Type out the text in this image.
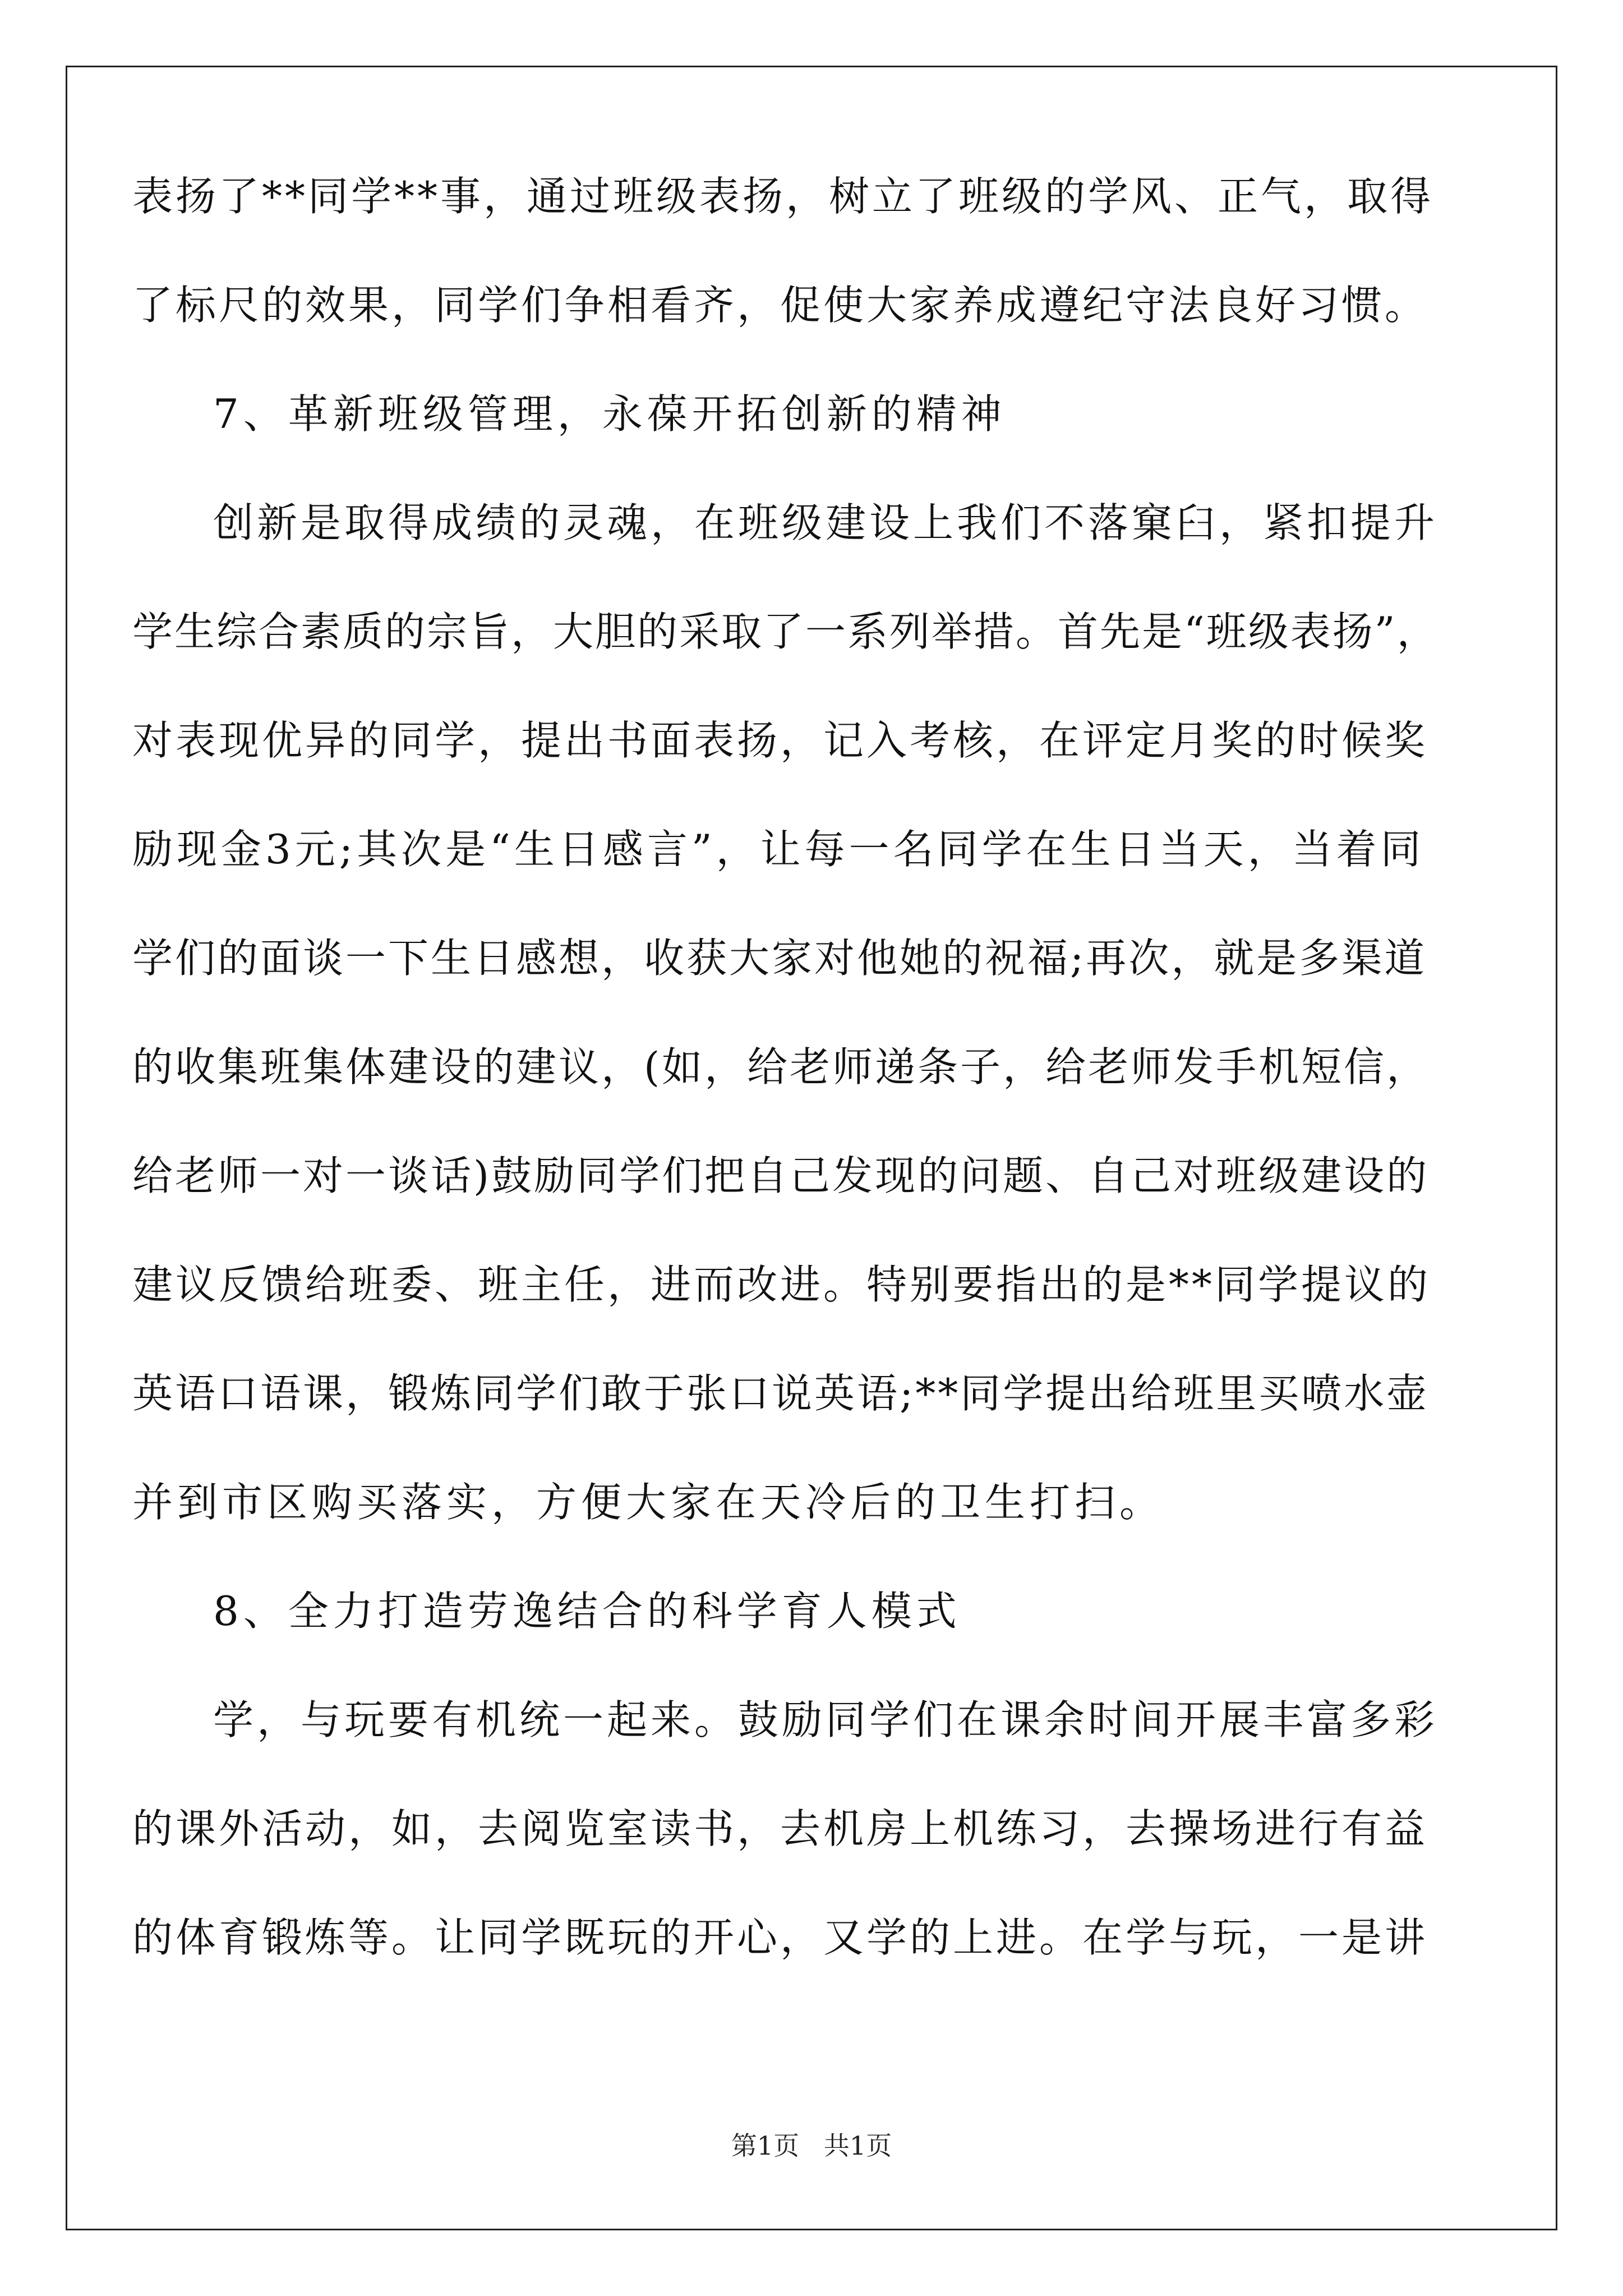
表扬了**同学**事，通过班级表扬，树立了班级的学风、正气，取得
了标尺的效果，同学们争相看齐，促使大家养成遵纪守法良好习惯。
7、革新班级管理，永葆开拓创新的精神
创新是取得成绩的灵魂，在班级建设上我们不落窠臼，紧扣提升
学生综合素质的宗旨，大胆的采取了一系列举措。首先是“班级表扬”，
对表现优异的同学，提出书面表扬，记入考核，在评定月奖的时候奖
励现金3元;其次是“生日感言”，让每一名同学在生日当天，当着同
学们的面谈一下生日感想，收获大家对他她的祝福;再次，就是多渠道
的收集班集体建设的建议，(如，给老师递条子，给老师发手机短信，
给老师一对一谈话)鼓励同学们把自己发现的问题、自己对班级建设的
建议反馈给班委、班主任，进而改进。特别要指出的是**同学提议的
英语口语课，锻炼同学们敢于张口说英语;**同学提出给班里买喷水壶
并到市区购买落实，方便大家在天冷后的卫生打扫。
8、全力打造劳逸结合的科学育人模式
学，与玩要有机统一起来。鼓励同学们在课余时间开展丰富多彩
的课外活动，如，去阅览室读书，去机房上机练习，去操场进行有益
的体育锻炼等。让同学既玩的开心，又学的上进。在学与玩，一是讲
第1页   共1页
